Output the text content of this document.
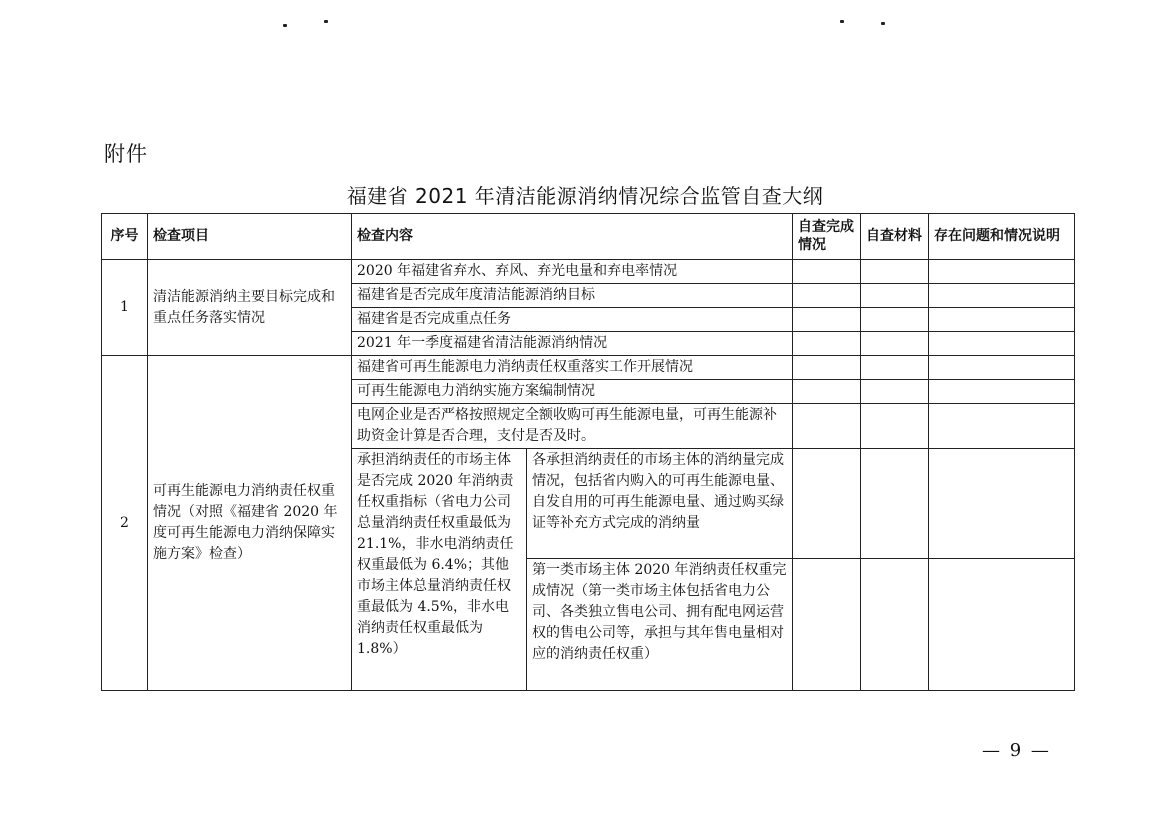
附件
福建省 2021 年清洁能源消纳情况综合监管自查大纲
序号	检查项目	检查内容		自查完成情况	自查材料	存在问题和情况说明
1	清洁能源消纳主要目标完成和重点任务落实情况	2020 年福建省弃水、弃风、弃光电量和弃电率情况				
		福建省是否完成年度清洁能源消纳目标				
		福建省是否完成重点任务				
		2021 年一季度福建省清洁能源消纳情况				
2	可再生能源电力消纳责任权重情况（对照《福建省 2020 年度可再生能源电力消纳保障实施方案》检查）	福建省可再生能源电力消纳责任权重落实工作开展情况				
		可再生能源电力消纳实施方案编制情况				
		电网企业是否严格按照规定全额收购可再生能源电量，可再生能源补助资金计算是否合理，支付是否及时。				
		承担消纳责任的市场主体是否完成 2020 年消纳责任权重指标（省电力公司总量消纳责任权重最低为 21.1%，非水电消纳责任权重最低为 6.4%；其他市场主体总量消纳责任权重最低为 4.5%，非水电消纳责任权重最低为 1.8%）	各承担消纳责任的市场主体的消纳量完成情况，包括省内购入的可再生能源电量、自发自用的可再生能源电量、通过购买绿证等补充方式完成的消纳量			
			第一类市场主体 2020 年消纳责任权重完成情况（第一类市场主体包括省电力公司、各类独立售电公司、拥有配电网运营权的售电公司等，承担与其年售电量相对应的消纳责任权重）			
— 9 —
